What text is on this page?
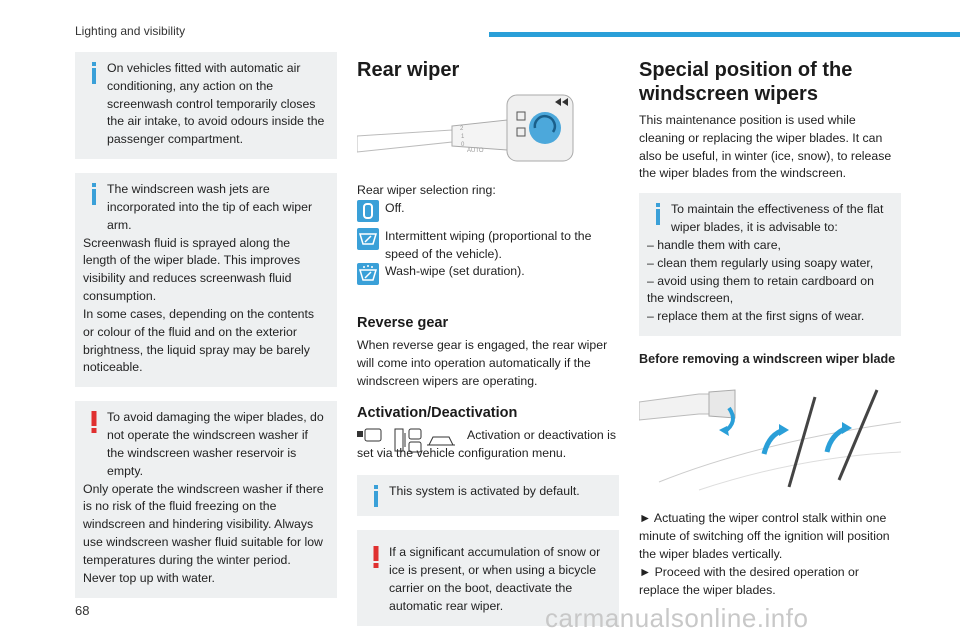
Lighting and visibility

On vehicles fitted with automatic air conditioning, any action on the screenwash control temporarily closes the air intake, to avoid odours inside the passenger compartment.

The windscreen wash jets are incorporated into the tip of each wiper arm.

Screenwash fluid is sprayed along the length of the wiper blade. This improves visibility and reduces screenwash fluid consumption.

In some cases, depending on the contents or colour of the fluid and on the exterior brightness, the liquid spray may be barely noticeable.

To avoid damaging the wiper blades, do not operate the windscreen washer if the windscreen washer reservoir is empty.

Only operate the windscreen washer if there is no risk of the fluid freezing on the windscreen and hindering visibility. Always use windscreen washer fluid suitable for low temperatures during the winter period.

Never top up with water.

Rear wiper
2
1
0
AUTO

Rear wiper selection ring:

Off.
Intermittent wiping (proportional to the speed of the vehicle).
Wash-wipe (set duration).
Reverse gear

When reverse gear is engaged, the rear wiper will come into operation automatically if the windscreen wipers are operating.

Activation/Deactivation

Activation or deactivation is set via the vehicle configuration menu.

This system is activated by default.

If a significant accumulation of snow or ice is present, or when using a bicycle carrier on the boot, deactivate the automatic rear wiper.

Special position of the windscreen wipers

This maintenance position is used while cleaning or replacing the wiper blades. It can also be useful, in winter (ice, snow), to release the wiper blades from the windscreen.

To maintain the effectiveness of the flat wiper blades, it is advisable to:

– handle them with care,
– clean them regularly using soapy water,
– avoid using them to retain cardboard on the windscreen,
– replace them at the first signs of wear.

Before removing a windscreen wiper blade

► Actuating the wiper control stalk within one minute of switching off the ignition will position the wiper blades vertically.

► Proceed with the desired operation or replace the wiper blades.

68	carmanualsonline.info
